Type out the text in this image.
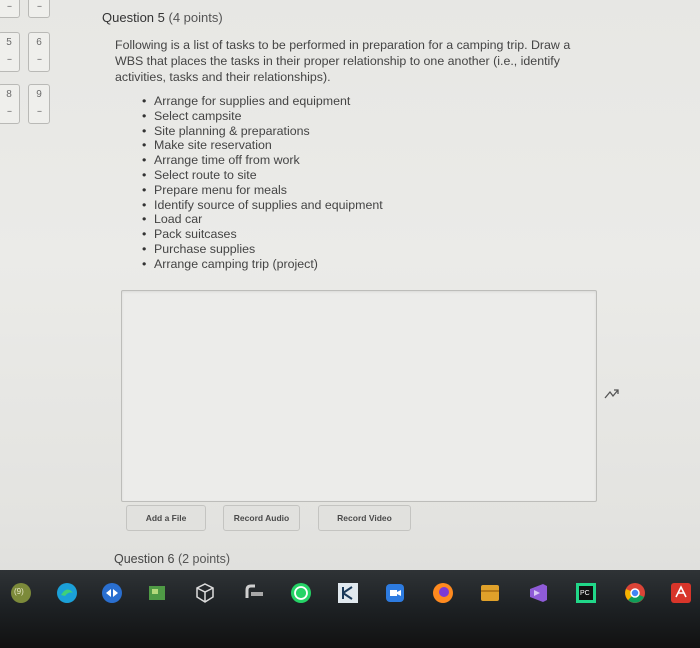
--	--
5
--
6
--
8
--
9
--

Question 5 (4 points)

Following is a list of tasks to be performed in preparation for a camping trip. Draw a WBS that places the tasks in their proper relationship to one another (i.e., identify activities, tasks and their relationships).
• Arrange for supplies and equipment
• Select campsite
• Site planning & preparations
• Make site reservation
• Arrange time off from work
• Select route to site
• Prepare menu for meals
• Identify source of supplies and equipment
• Load car
• Pack suitcases
• Purchase supplies
• Arrange camping trip (project)
Add a File	Record Audio	Record Video
Question 6 (2 points)
(9)	PC
